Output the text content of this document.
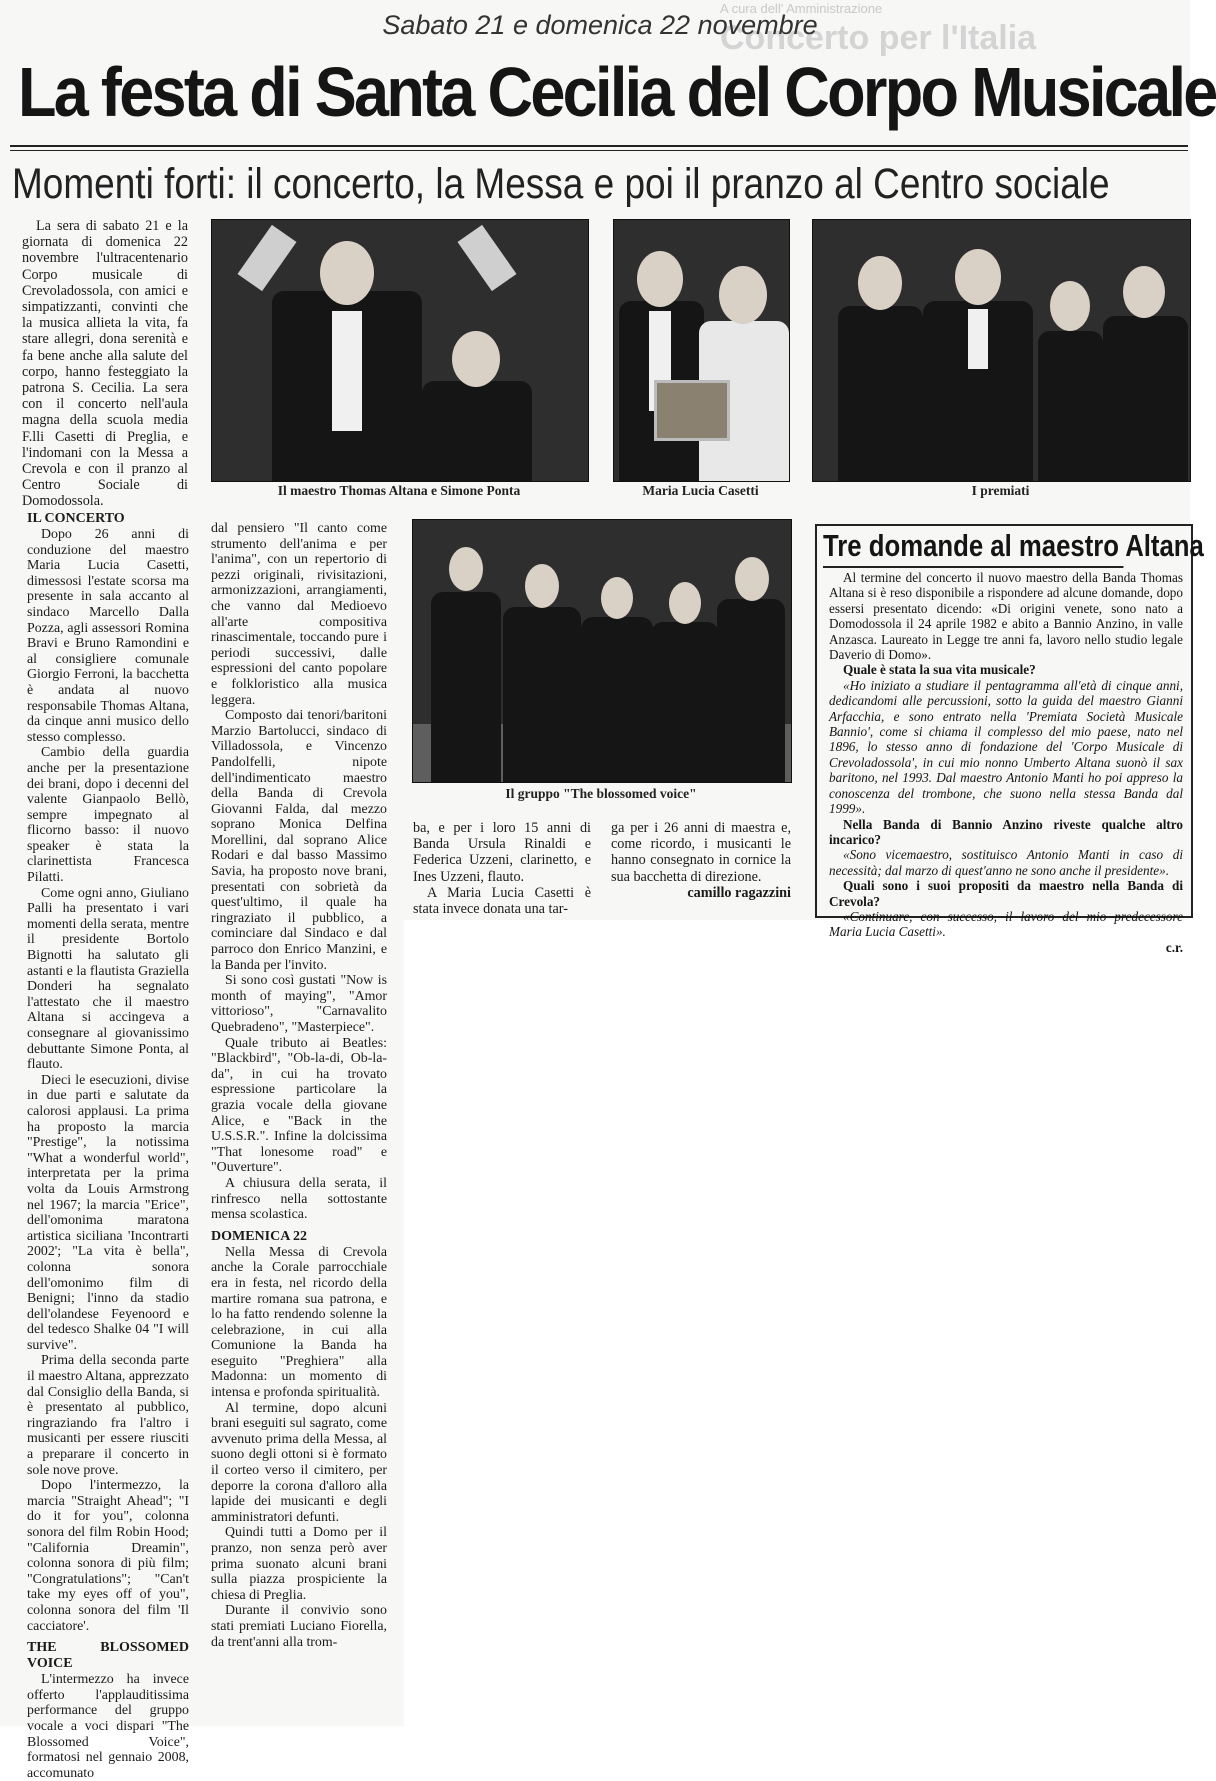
A cura dell' Amministrazione
Concerto per l'Italia
Sabato 21 e domenica 22 novembre
La festa di Santa Cecilia del Corpo Musicale
Momenti forti: il concerto, la Messa e poi il pranzo al Centro sociale

La sera di sabato 21 e la giornata di domenica 22 novembre l'ultracentenario Corpo musicale di Crevoladossola, con amici e simpatizzanti, convinti che la musica allieta la vita, fa stare allegri, dona serenità e fa bene anche alla salute del corpo, hanno festeggiato la patrona S. Cecilia. La sera con il concerto nell'aula magna della scuola media F.lli Casetti di Preglia, e l'indomani con la Messa a Crevola e con il pranzo al Centro Sociale di Domodossola.

Il maestro Thomas Altana e Simone Ponta	Maria Lucia Casetti	I premiati
Il gruppo "The blossomed voice"
IL CONCERTO

Dopo 26 anni di conduzione del maestro Maria Lucia Casetti, dimessosi l'estate scorsa ma presente in sala accanto al sindaco Marcello Dalla Pozza, agli assessori Romina Bravi e Bruno Ramondini e al consigliere comunale Giorgio Ferroni, la bacchetta è andata al nuovo responsabile Thomas Altana, da cinque anni musico dello stesso complesso.

Cambio della guardia anche per la presentazione dei brani, dopo i decenni del valente Gianpaolo Bellò, sempre impegnato al flicorno basso: il nuovo speaker è stata la clarinettista Francesca Pilatti.

Come ogni anno, Giuliano Palli ha presentato i vari momenti della serata, mentre il presidente Bortolo Bignotti ha salutato gli astanti e la flautista Graziella Donderi ha segnalato l'attestato che il maestro Altana si accingeva a consegnare al giovanissimo debuttante Simone Ponta, al flauto.

Dieci le esecuzioni, divise in due parti e salutate da calorosi applausi. La prima ha proposto la marcia "Prestige", la notissima "What a wonderful world", interpretata per la prima volta da Louis Armstrong nel 1967; la marcia "Erice", dell'omonima maratona artistica siciliana 'Incontrarti 2002'; "La vita è bella", colonna sonora dell'omonimo film di Benigni; l'inno da stadio dell'olandese Feyenoord e del tedesco Shalke 04 "I will survive".

Prima della seconda parte il maestro Altana, apprezzato dal Consiglio della Banda, si è presentato al pubblico, ringraziando fra l'altro i musicanti per essere riusciti a preparare il concerto in sole nove prove.

Dopo l'intermezzo, la marcia "Straight Ahead"; "I do it for you", colonna sonora del film Robin Hood; "California Dreamin", colonna sonora di più film; "Congratulations"; "Can't take my eyes off of you", colonna sonora del film 'Il cacciatore'.

THE BLOSSOMED VOICE

L'intermezzo ha invece offerto l'applauditissima performance del gruppo vocale a voci dispari "The Blossomed Voice", formatosi nel gennaio 2008, accomunato

dal pensiero "Il canto come strumento dell'anima e per l'anima", con un repertorio di pezzi originali, rivisitazioni, armonizzazioni, arrangiamenti, che vanno dal Medioevo all'arte compositiva rinascimentale, toccando pure i periodi successivi, dalle espressioni del canto popolare e folkloristico alla musica leggera.

Composto dai tenori/baritoni Marzio Bartolucci, sindaco di Villadossola, e Vincenzo Pandolfelli, nipote dell'indimenticato maestro della Banda di Crevola Giovanni Falda, dal mezzo soprano Monica Delfina Morellini, dal soprano Alice Rodari e dal basso Massimo Savia, ha proposto nove brani, presentati con sobrietà da quest'ultimo, il quale ha ringraziato il pubblico, a cominciare dal Sindaco e dal parroco don Enrico Manzini, e la Banda per l'invito.

Si sono così gustati "Now is month of maying", "Amor vittorioso", "Carnavalito Quebradeno", "Masterpiece".

Quale tributo ai Beatles: "Blackbird", "Ob-la-di, Ob-la-da", in cui ha trovato espressione particolare la grazia vocale della giovane Alice, e "Back in the U.S.S.R.". Infine la dolcissima "That lonesome road" e "Ouverture".

A chiusura della serata, il rinfresco nella sottostante mensa scolastica.

DOMENICA 22

Nella Messa di Crevola anche la Corale parrocchiale era in festa, nel ricordo della martire romana sua patrona, e lo ha fatto rendendo solenne la celebrazione, in cui alla Comunione la Banda ha eseguito "Preghiera" alla Madonna: un momento di intensa e profonda spiritualità.

Al termine, dopo alcuni brani eseguiti sul sagrato, come avvenuto prima della Messa, al suono degli ottoni si è formato il corteo verso il cimitero, per deporre la corona d'alloro alla lapide dei musicanti e degli amministratori defunti.

Quindi tutti a Domo per il pranzo, non senza però aver prima suonato alcuni brani sulla piazza prospiciente la chiesa di Preglia.

Durante il convivio sono stati premiati Luciano Fiorella, da trent'anni alla trom-

ba, e per i loro 15 anni di Banda Ursula Rinaldi e Federica Uzzeni, clarinetto, e Ines Uzzeni, flauto.

A Maria Lucia Casetti è stata invece donata una tar-

ga per i 26 anni di maestra e, come ricordo, i musicanti le hanno consegnato in cornice la sua bacchetta di direzione.

camillo ragazzini

Tre domande al maestro Altana

Al termine del concerto il nuovo maestro della Banda Thomas Altana si è reso disponibile a rispondere ad alcune domande, dopo essersi presentato dicendo: «Di origini venete, sono nato a Domodossola il 24 aprile 1982 e abito a Bannio Anzino, in valle Anzasca. Laureato in Legge tre anni fa, lavoro nello studio legale Daverio di Domo».

Quale è stata la sua vita musicale?

«Ho iniziato a studiare il pentagramma all'età di cinque anni, dedicandomi alle percussioni, sotto la guida del maestro Gianni Arfacchia, e sono entrato nella 'Premiata Società Musicale Bannio', come si chiama il complesso del mio paese, nato nel 1896, lo stesso anno di fondazione del 'Corpo Musicale di Crevoladossola', in cui mio nonno Umberto Altana suonò il sax baritono, nel 1993. Dal maestro Antonio Manti ho poi appreso la conoscenza del trombone, che suono nella stessa Banda dal 1999».

Nella Banda di Bannio Anzino riveste qualche altro incarico?

«Sono vicemaestro, sostituisco Antonio Manti in caso di necessità; dal marzo di quest'anno ne sono anche il presidente».

Quali sono i suoi propositi da maestro nella Banda di Crevola?

«Continuare, con successo, il lavoro del mio predecessore Maria Lucia Casetti».

c.r.
